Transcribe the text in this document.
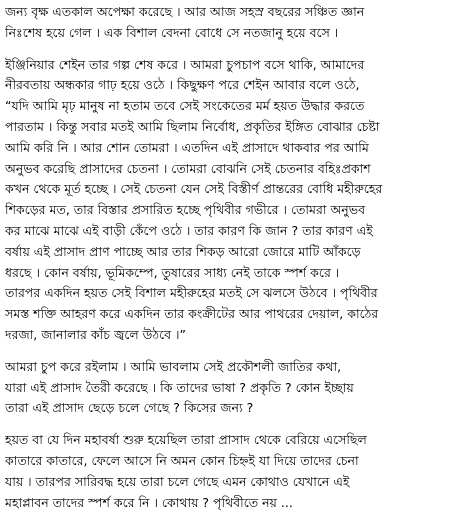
জন্য বৃক্ষ এতকাল অপেক্ষা করেছে । আর আজ সহস্র বছরের সঞ্চিত জ্ঞান
নিঃশেষ হয়ে গেল । এক বিশাল বেদনা বোধে সে নতজানু হয়ে বসে ।
ইঞ্জিনিয়ার শেইন তার গল্প শেষ করে । আমরা চুপচাপ বসে থাকি, আমাদের
নীরবতায় অন্ধকার গাঢ় হয়ে ওঠে । কিছুক্ষণ পরে শেইন আবার বলে ওঠে,
“যদি আমি মৃঢ় মানুষ না হতাম তবে সেই সংকেতের মর্ম হয়ত উদ্ধার করতে
পারতাম । কিন্তু সবার মতই আমি ছিলাম নির্বোধ, প্রকৃতির ইঙ্গিত বোঝার চেষ্টা
আমি করি নি । আর শোন তোমরা । এতদিন এই প্রাসাদে থাকবার পর আমি
অনুভব করেছি প্রাসাদের চেতনা । তোমরা বোঝনি সেই চেতনার বহিঃপ্রকাশ
কখন থেকে মূর্ত হচ্ছে । সেই চেতনা যেন সেই বিস্তীর্ণ প্রান্তরের বোধি মহীরুহের
শিকড়ের মত, তার বিস্তার প্রসারিত হচ্ছে পৃথিবীর গভীরে । তোমরা অনুভব
কর মাঝে মাঝে এই বাড়ী কেঁপে ওঠে । তার কারণ কি জান ? তার কারণ এই
বর্ষায় এই প্রাসাদ প্রাণ পাচ্ছে আর তার শিকড় আরো জোরে মাটি আঁকড়ে
ধরছে । কোন বর্ষায়, ভূমিকম্পে, তুষারের সাধ্য নেই তাকে স্পর্শ করে ।
তারপর একদিন হয়ত সেই বিশাল মহীরুহের মতই সে ঝলসে উঠবে । পৃথিবীর
সমস্ত শক্তি আহরণ করে একদিন তার কংক্রীটের আর পাথরের দেয়াল, কাঠের
দরজা, জানালার কাঁচ জ্বলে উঠবে ।”
আমরা চুপ করে রইলাম । আমি ভাবলাম সেই প্রকৌশলী জাতির কথা,
যারা এই প্রাসাদ তৈরী করেছে । কি তাদের ভাষা ? প্রকৃতি ? কোন ইচ্ছায়
তারা এই প্রাসাদ ছেড়ে চলে গেছে ? কিসের জন্য ?
হয়ত বা যে দিন মহাবর্ষা শুরু হয়েছিল তারা প্রাসাদ থেকে বেরিয়ে এসেছিল
কাতারে কাতারে, ফেলে আসে নি অমন কোন চিহ্নই যা দিয়ে তাদের চেনা
যায় । তারপর সারিবদ্ধ হয়ে তারা চলে গেছে এমন কোথাও যেখানে এই
মহাপ্লাবন তাদের স্পর্শ করে নি । কোথায় ? পৃথিবীতে নয় ...
